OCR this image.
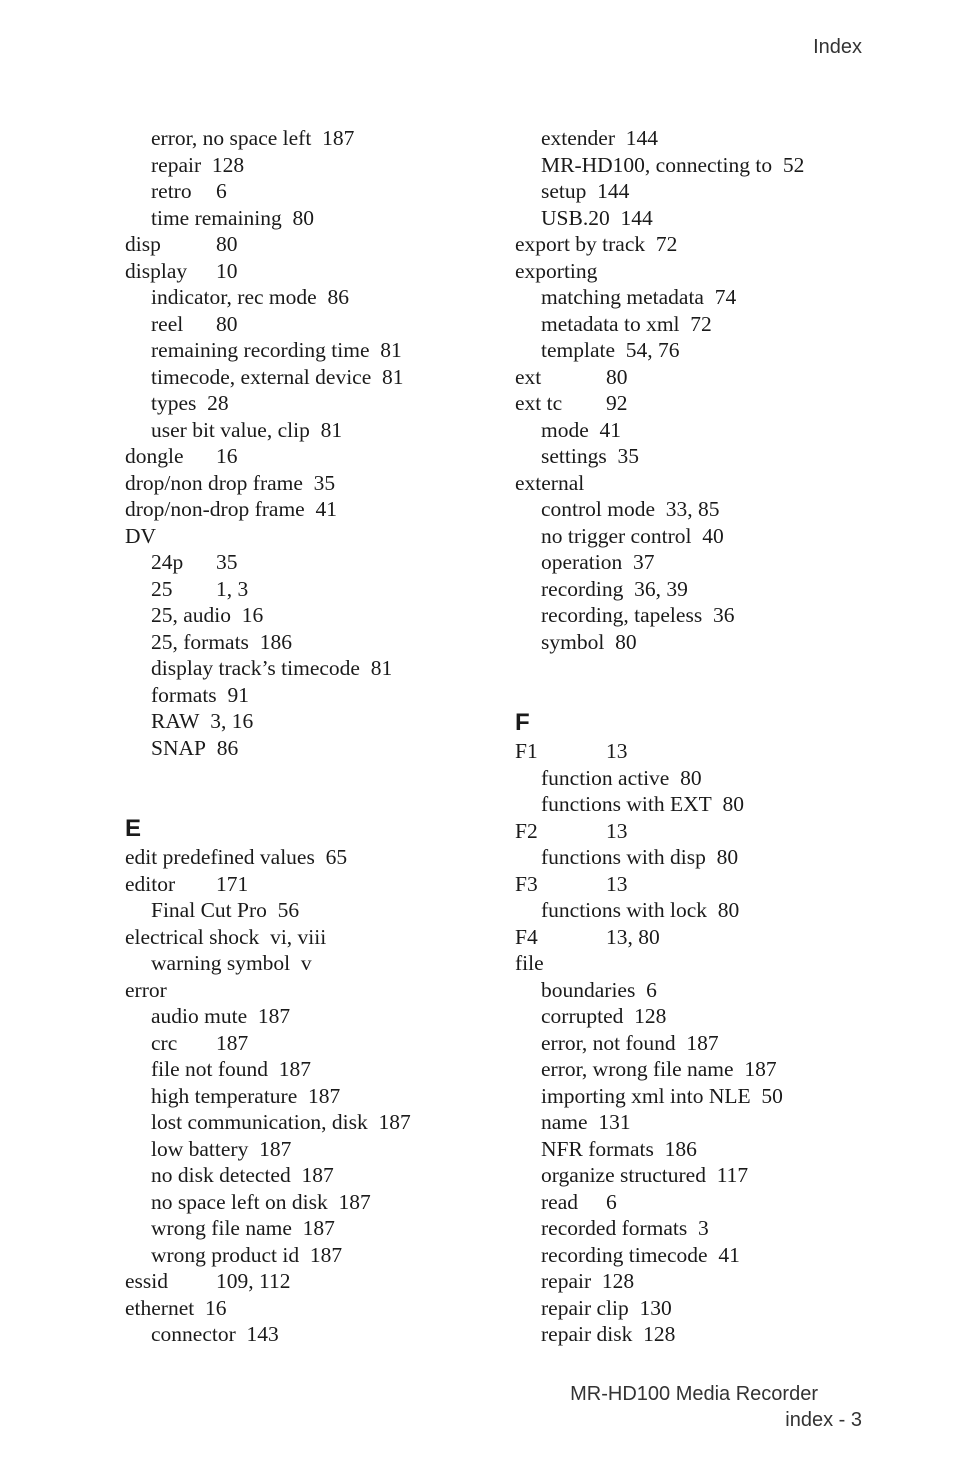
Index
error, no space left 187
repair 128
retro 6
time remaining 80
disp	80
display 10
indicator, rec mode 86
reel 80
remaining recording time 81
timecode, external device 81
types 28
user bit value, clip 81
dongle 16
drop/non drop frame 35
drop/non-drop frame 41
DV
24p 35
25 1, 3
25, audio 16
25, formats 186
display track’s timecode 81
formats 91
RAW 3, 16
SNAP 86
E
edit predefined values 65
editor 171
Final Cut Pro 56
electrical shock vi, viii
warning symbol v
error
audio mute 187
crc 187
file not found 187
high temperature 187
lost communication, disk 187
low battery 187
no disk detected 187
no space left on disk 187
wrong file name 187
wrong product id 187
essid 109, 112
ethernet 16
connector 143
extender 144
MR-HD100, connecting to 52
setup 144
USB.20 144
export by track 72
exporting
matching metadata 74
metadata to xml 72
template 54, 76
ext	80
ext tc 92
mode 41
settings 35
external
control mode 33, 85
no trigger control 40
operation 37
recording 36, 39
recording, tapeless 36
symbol 80
F
F1	13
function active 80
functions with EXT 80
F2	13
functions with disp 80
F3	13
functions with lock 80
F4	13, 80
file
boundaries 6
corrupted 128
error, not found 187
error, wrong file name 187
importing xml into NLE 50
name 131
NFR formats 186
organize structured 117
read 6
recorded formats 3
recording timecode 41
repair 128
repair clip 130
repair disk 128
MR-HD100 Media Recorder
index - 3
